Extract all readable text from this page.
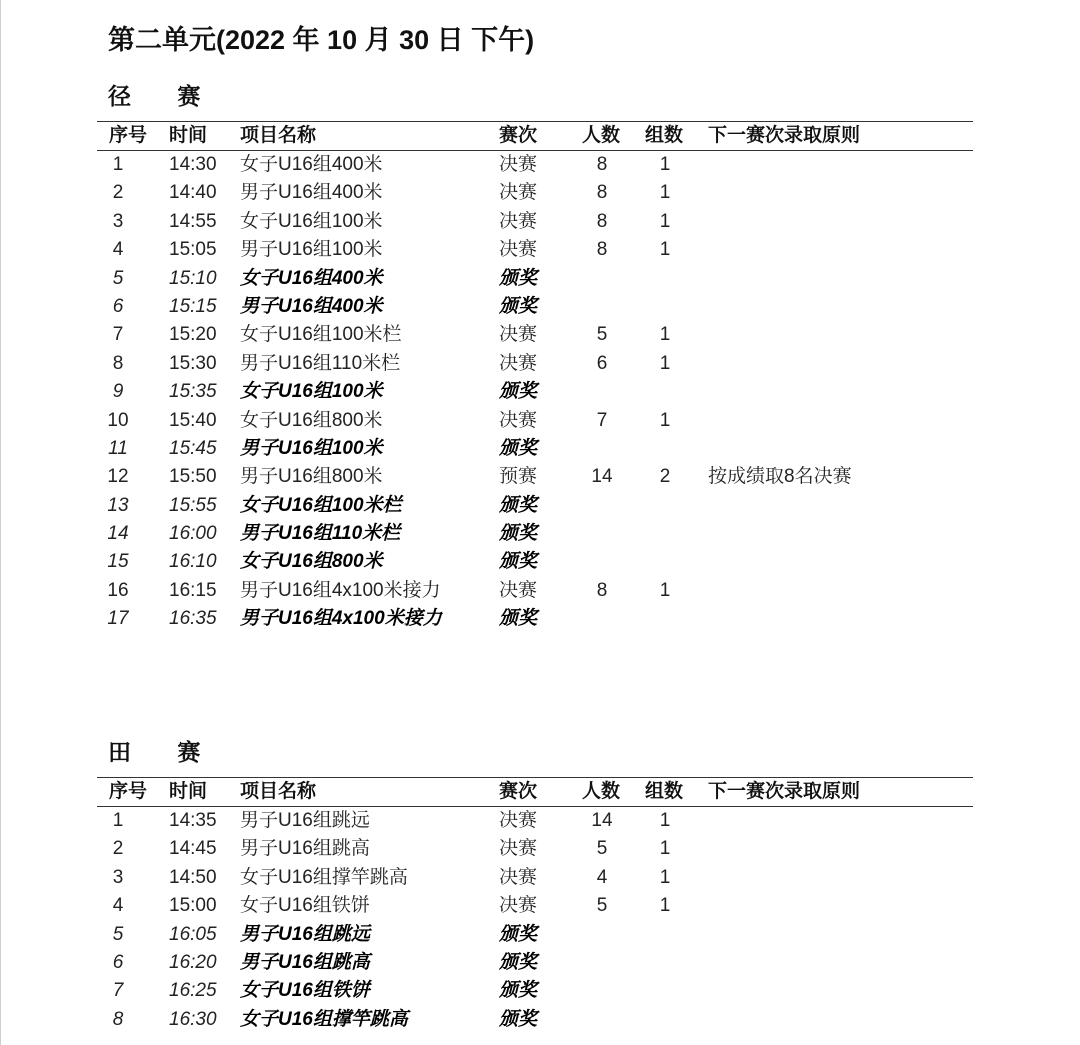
第二单元(2022 年 10 月 30 日 下午)
径 赛
序号 时间 项目名称	赛次 人数 组数 下一赛次录取原则
1	14:30 女子U16组400米	决赛	8	1
2	14:40 男子U16组400米	决赛	8	1
3	14:55 女子U16组100米	决赛	8	1
4	15:05 男子U16组100米	决赛	8	1
5	15:10 女子U16组400米	颁奖
6	15:15 男子U16组400米	颁奖
7	15:20 女子U16组100米栏	决赛	5	1
8	15:30 男子U16组110米栏	决赛	6	1
9	15:35 女子U16组100米	颁奖
10	15:40 女子U16组800米	决赛	7	1
11	15:45 男子U16组100米	颁奖
12	15:50 男子U16组800米	预赛	14	2	按成绩取8名决赛
13	15:55 女子U16组100米栏	颁奖
14	16:00 男子U16组110米栏	颁奖
15	16:10 女子U16组800米	颁奖
16	16:15 男子U16组4x100米接力	决赛	8	1
17	16:35 男子U16组4x100米接力	颁奖
田 赛
序号 时间 项目名称	赛次 人数 组数 下一赛次录取原则
1	14:35 男子U16组跳远	决赛	14	1
2	14:45 男子U16组跳高	决赛	5	1
3	14:50 女子U16组撑竿跳高	决赛	4	1
4	15:00 女子U16组铁饼	决赛	5	1
5	16:05 男子U16组跳远	颁奖
6	16:20 男子U16组跳高	颁奖
7	16:25 女子U16组铁饼	颁奖
8	16:30 女子U16组撑竿跳高	颁奖
